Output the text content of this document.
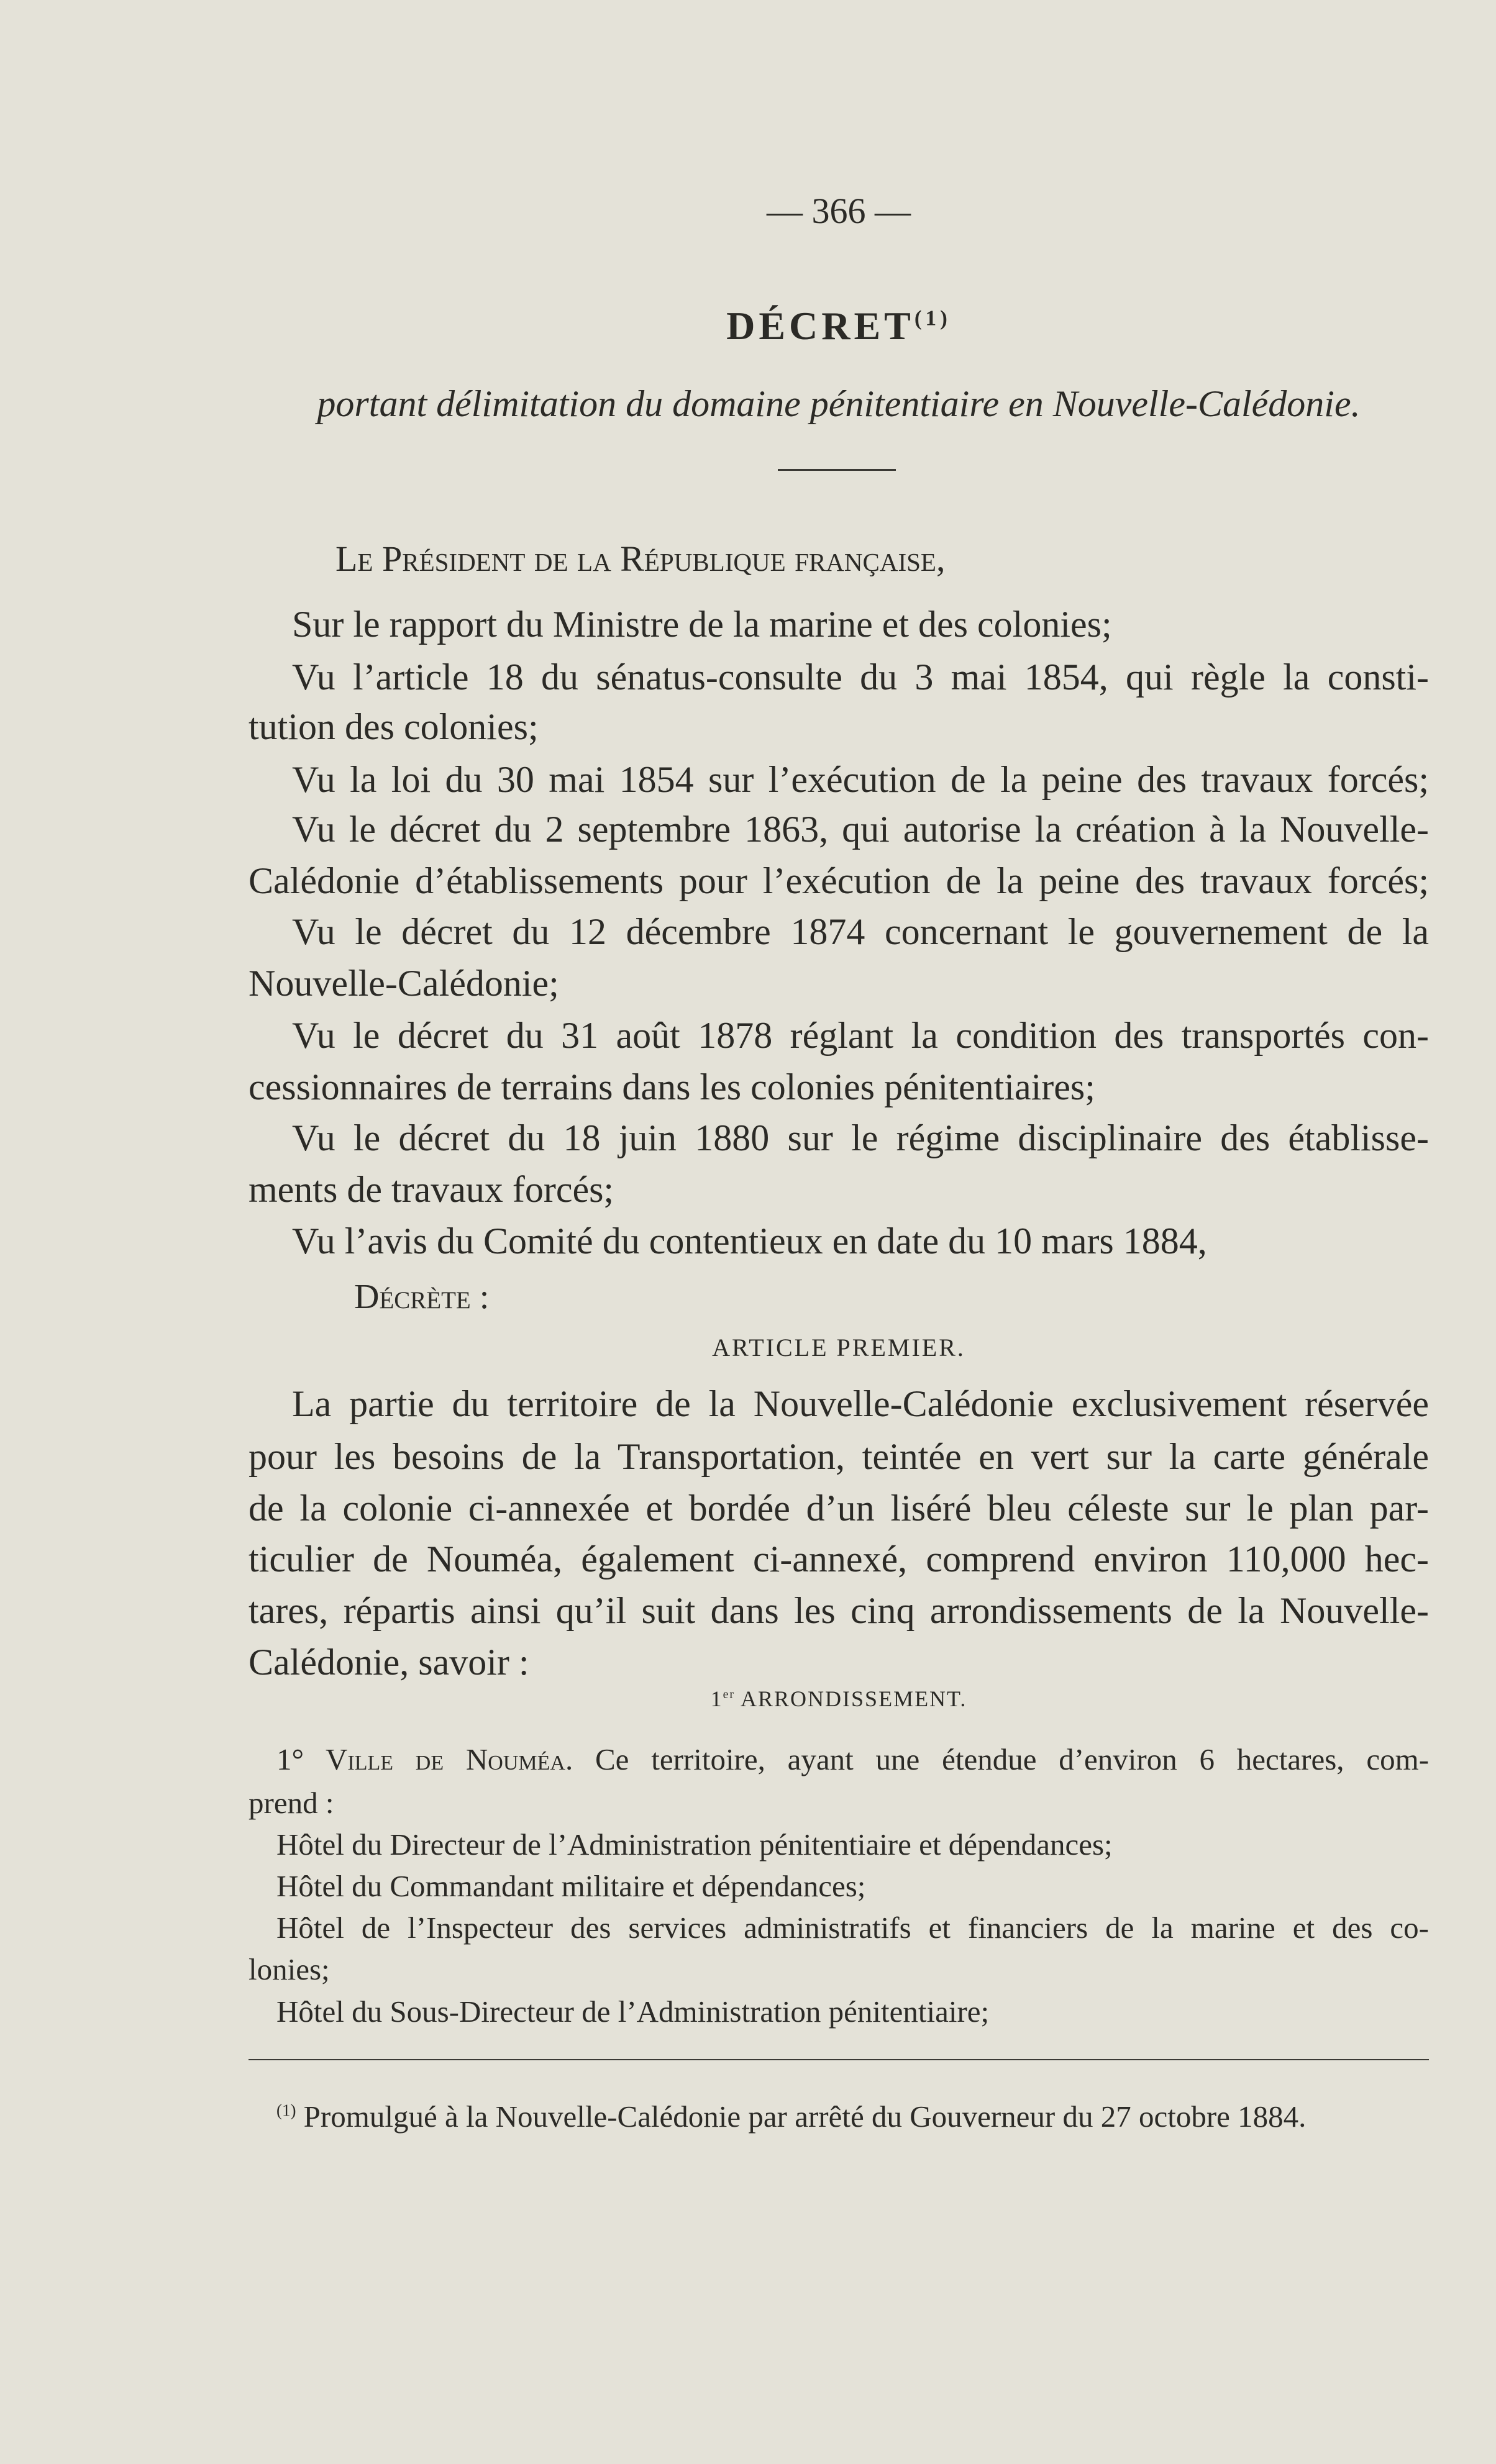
— 366 —
DÉCRET$^{(1)}$
portant délimitation du domaine pénitentiaire en Nouvelle-Calédonie.
Le Président de la République française,
Sur le rapport du Ministre de la marine et des colonies;
Vu l’article 18 du sénatus-consulte du 3 mai 1854, qui règle la consti-
tution des colonies;
Vu la loi du 30 mai 1854 sur l’exécution de la peine des travaux forcés;
Vu le décret du 2 septembre 1863, qui autorise la création à la Nouvelle-
Calédonie d’établissements pour l’exécution de la peine des travaux forcés;
Vu le décret du 12 décembre 1874 concernant le gouvernement de la
Nouvelle-Calédonie;
Vu le décret du 31 août 1878 réglant la condition des transportés con-
cessionnaires de terrains dans les colonies pénitentiaires;
Vu le décret du 18 juin 1880 sur le régime disciplinaire des établisse-
ments de travaux forcés;
Vu l’avis du Comité du contentieux en date du 10 mars 1884,
Décrète :
ARTICLE PREMIER.
La partie du territoire de la Nouvelle-Calédonie exclusivement réservée
pour les besoins de la Transportation, teintée en vert sur la carte générale
de la colonie ci-annexée et bordée d’un liséré bleu céleste sur le plan par-
ticulier de Nouméa, également ci-annexé, comprend environ 110,000 hec-
tares, répartis ainsi qu’il suit dans les cinq arrondissements de la Nouvelle-
Calédonie, savoir :
1er ARRONDISSEMENT.
1° Ville de Nouméa. Ce territoire, ayant une étendue d’environ 6 hectares, com-
prend :
Hôtel du Directeur de l’Administration pénitentiaire et dépendances;
Hôtel du Commandant militaire et dépendances;
Hôtel de l’Inspecteur des services administratifs et financiers de la marine et des co-
lonies;
Hôtel du Sous-Directeur de l’Administration pénitentiaire;
$^{(1)}$ Promulgué à la Nouvelle-Calédonie par arrêté du Gouverneur du 27 octobre 1884.
